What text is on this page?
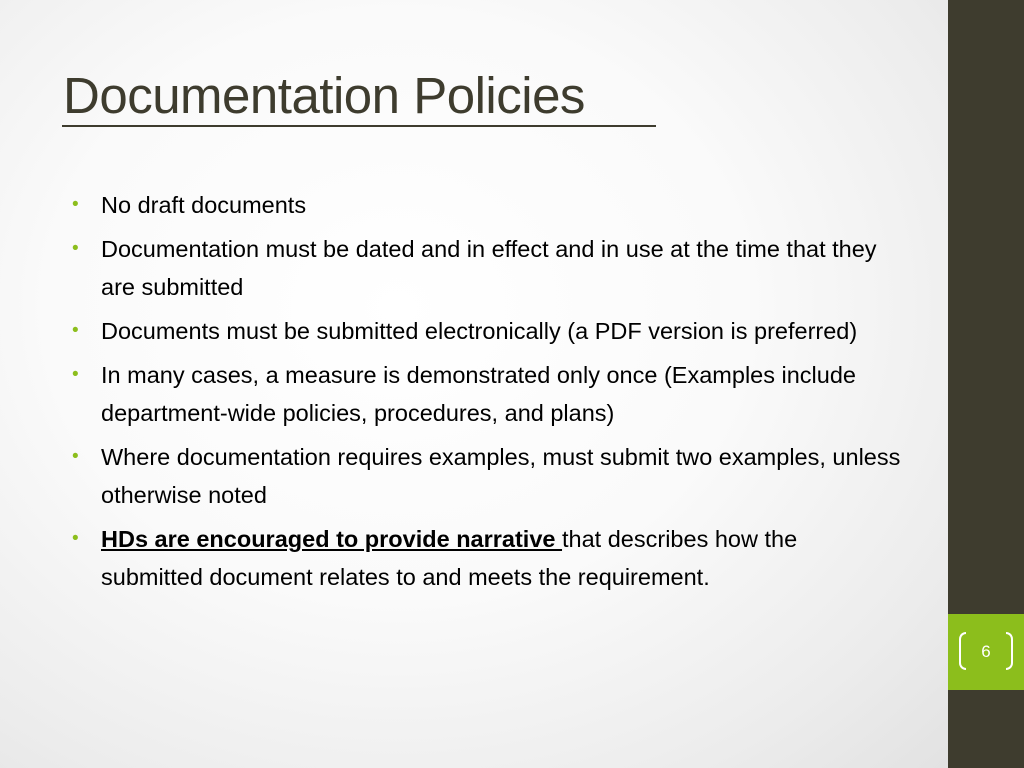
Documentation Policies
• No draft documents
• Documentation must be dated and in effect and in use at the time that they are submitted
• Documents must be submitted electronically (a PDF version is preferred)
• In many cases, a measure is demonstrated only once (Examples include department-wide policies, procedures, and plans)
• Where documentation requires examples, must submit two examples, unless otherwise noted
• HDs are encouraged to provide narrative that describes how the submitted document relates to and meets the requirement.
6
